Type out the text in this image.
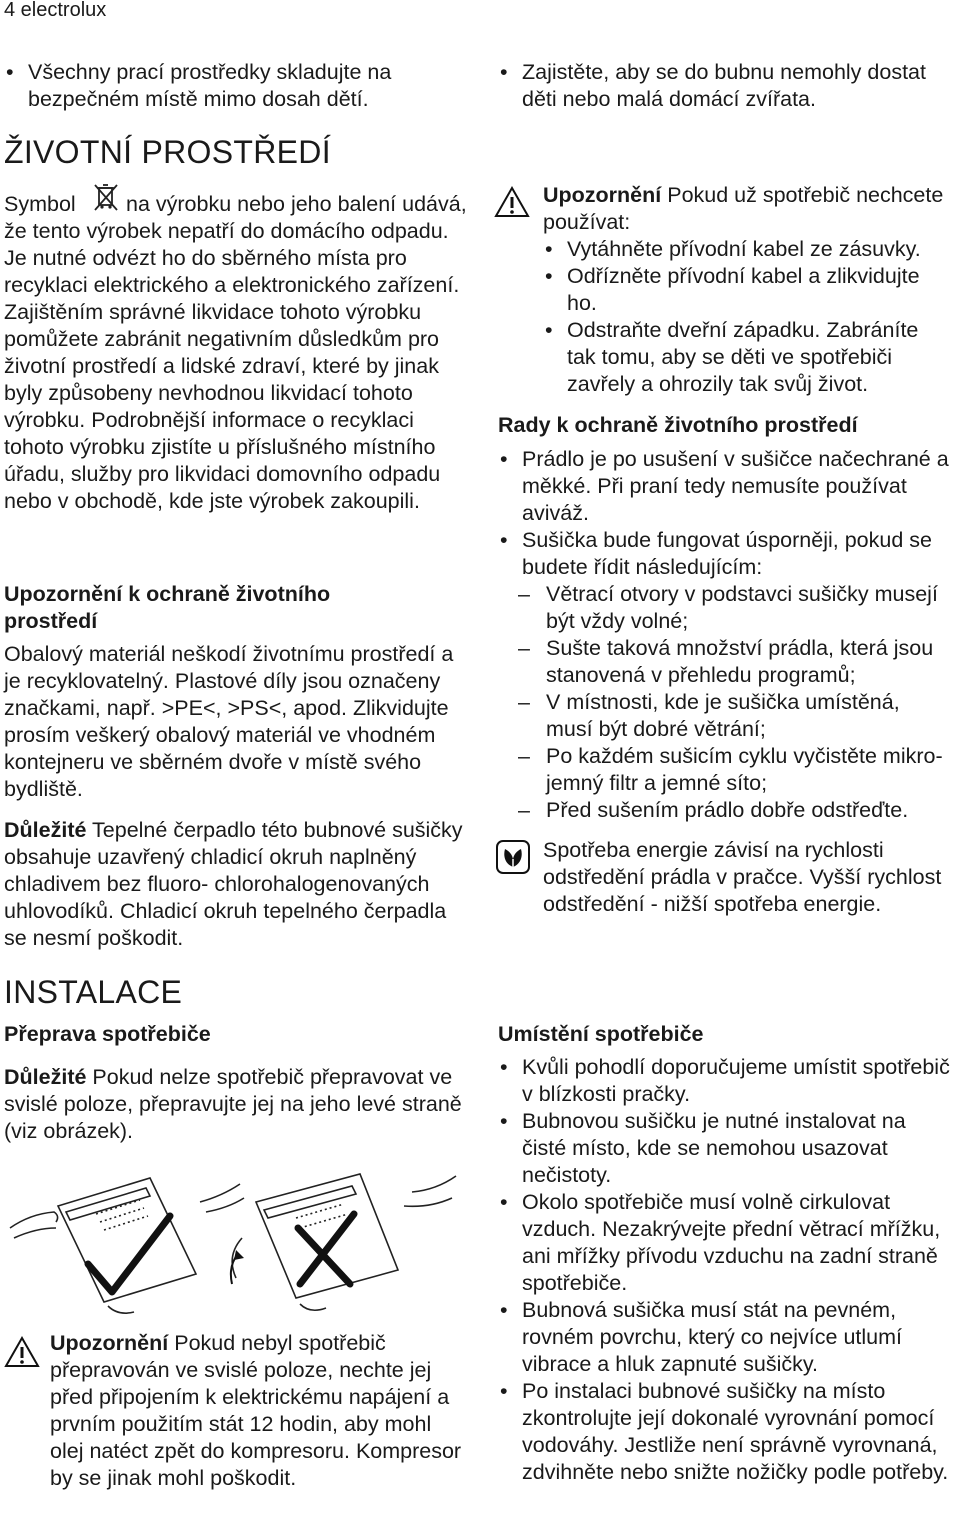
4 electrolux
• Všechny prací prostředky skladujte na bezpečném místě mimo dosah dětí.
ŽIVOTNÍ PROSTŘEDÍ
Symbol na výrobku nebo jeho balení udává, že tento výrobek nepatří do domácího odpadu. Je nutné odvézt ho do sběrného místa pro recyklaci elektrického a elektronického zařízení. Zajištěním správné likvidace tohoto výrobku pomůžete zabránit negativním důsledkům pro životní prostředí a lidské zdraví, které by jinak byly způsobeny nevhodnou likvidací tohoto výrobku. Podrobnější informace o recyklaci tohoto výrobku zjistíte u příslušného místního úřadu, služby pro likvidaci domovního odpadu nebo v obchodě, kde jste výrobek zakoupili.
Upozornění k ochraně životního prostředí
Obalový materiál neškodí životnímu prostředí a je recyklovatelný. Plastové díly jsou označeny značkami, např. >PE<, >PS<, apod. Zlikvidujte prosím veškerý obalový materiál ve vhodném kontejneru ve sběrném dvoře v místě svého bydliště.
Důležité Tepelné čerpadlo této bubnové sušičky obsahuje uzavřený chladicí okruh naplněný chladivem bez fluoro- chlorohalogenovaných uhlovodíků. Chladicí okruh tepelného čerpadla se nesmí poškodit.
INSTALACE
Přeprava spotřebiče
Důležité Pokud nelze spotřebič přepravovat ve svislé poloze, přepravujte jej na jeho levé straně (viz obrázek).
Upozornění Pokud nebyl spotřebič přepravován ve svislé poloze, nechte jej před připojením k elektrickému napájení a prvním použitím stát 12 hodin, aby mohl olej natéct zpět do kompresoru. Kompresor by se jinak mohl poškodit.
• Zajistěte, aby se do bubnu nemohly dostat děti nebo malá domácí zvířata.

Upozornění Pokud už spotřebič nechcete používat:

• Vytáhněte přívodní kabel ze zásuvky.
• Odřízněte přívodní kabel a zlikvidujte ho.
• Odstraňte dveřní západku. Zabráníte tak tomu, aby se děti ve spotřebiči zavřely a ohrozily tak svůj život.
Rady k ochraně životního prostředí
• Prádlo je po usušení v sušičce načechrané a měkké. Při praní tedy nemusíte používat aviváž.
• Sušička bude fungovat úsporněji, pokud se budete řídit následujícím:
– Větrací otvory v podstavci sušičky musejí být vždy volné;
– Sušte taková množství prádla, která jsou stanovená v přehledu programů;
– V místnosti, kde je sušička umístěná, musí být dobré větrání;
– Po každém sušicím cyklu vyčistěte mikro-jemný filtr a jemné síto;
– Před sušením prádlo dobře odstřeďte.
Spotřeba energie závisí na rychlosti odstředění prádla v pračce. Vyšší rychlost odstředění - nižší spotřeba energie.
Umístění spotřebiče
• Kvůli pohodlí doporučujeme umístit spotřebič v blízkosti pračky.
• Bubnovou sušičku je nutné instalovat na čisté místo, kde se nemohou usazovat nečistoty.
• Okolo spotřebiče musí volně cirkulovat vzduch. Nezakrývejte přední větrací mřížku, ani mřížky přívodu vzduchu na zadní straně spotřebiče.
• Bubnová sušička musí stát na pevném, rovném povrchu, který co nejvíce utlumí vibrace a hluk zapnuté sušičky.
• Po instalaci bubnové sušičky na místo zkontrolujte její dokonalé vyrovnání pomocí vodováhy. Jestliže není správně vyrovnaná, zdvihněte nebo snižte nožičky podle potřeby.
